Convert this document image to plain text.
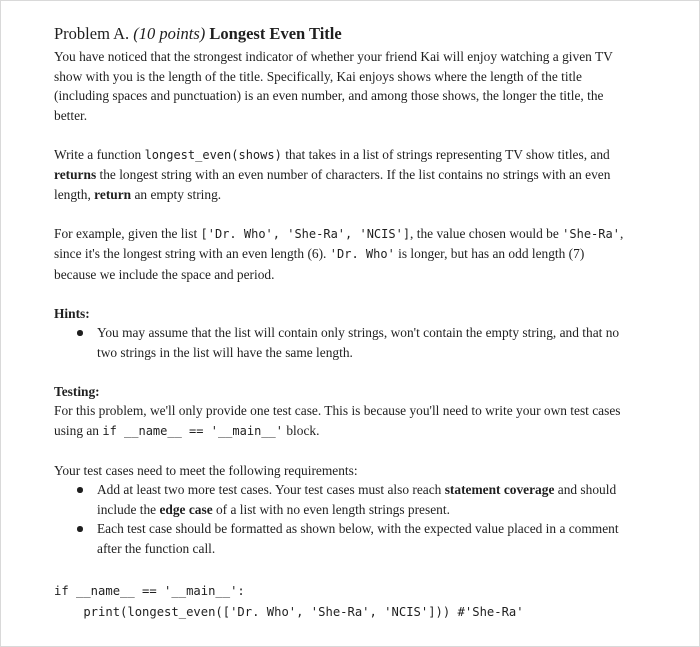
Problem A. (10 points) Longest Even Title

You have noticed that the strongest indicator of whether your friend Kai will enjoy watching a given TV show with you is the length of the title. Specifically, Kai enjoys shows where the length of the title (including spaces and punctuation) is an even number, and among those shows, the longer the title, the better.

Write a function longest_even(shows) that takes in a list of strings representing TV show titles, and returns the longest string with an even number of characters. If the list contains no strings with an even length, return an empty string.

For example, given the list ['Dr. Who', 'She-Ra', 'NCIS'], the value chosen would be 'She-Ra', since it's the longest string with an even length (6). 'Dr. Who' is longer, but has an odd length (7) because we include the space and period.

Hints:

You may assume that the list will contain only strings, won't contain the empty string, and that no two strings in the list will have the same length.

Testing:

For this problem, we'll only provide one test case. This is because you'll need to write your own test cases using an if __name__ == '__main__' block.

Your test cases need to meet the following requirements:

Add at least two more test cases. Your test cases must also reach statement coverage and should include the edge case of a list with no even length strings present.
Each test case should be formatted as shown below, with the expected value placed in a comment after the function call.
if __name__ == '__main__':
print(longest_even(['Dr. Who', 'She-Ra', 'NCIS'])) #'She-Ra'
